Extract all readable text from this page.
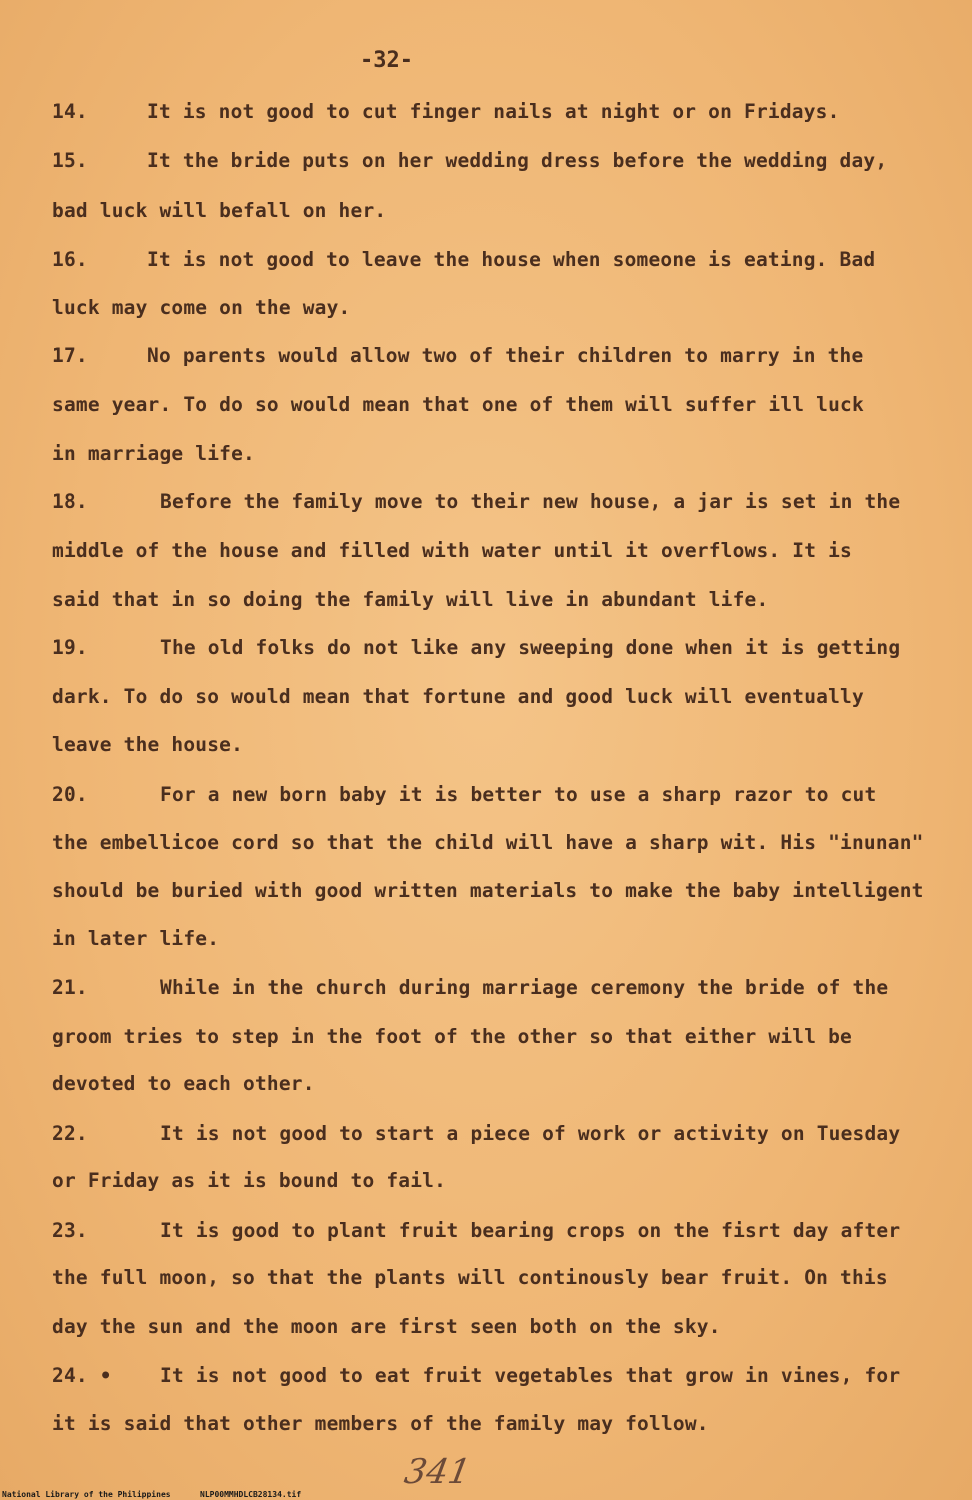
-32-
14.	It is not good to cut finger nails at night or on Fridays.
15.	It the bride puts on her wedding dress before the wedding day,
bad luck will befall on her.
16.	It is not good to leave the house when someone is eating. Bad
luck may come on the way.
17.	No parents would allow two of their children to marry in the
same year. To do so would mean that one of them will suffer ill luck
in marriage life.
18.	Before the family move to their new house, a jar is set in the
middle of the house and filled with water until it overflows. It is
said that in so doing the family will live in abundant life.
19.	The old folks do not like any sweeping done when it is getting
dark. To do so would mean that fortune and good luck will eventually
leave the house.
20.	For a new born baby it is better to use a sharp razor to cut
the embellicoe cord so that the child will have a sharp wit. His "inunan"
should be buried with good written materials to make the baby intelligent
in later life.
21.	While in the church during marriage ceremony the bride of the
groom tries to step in the foot of the other so that either will be
devoted to each other.
22.	It is not good to start a piece of work or activity on Tuesday
or Friday as it is bound to fail.
23.	It is good to plant fruit bearing crops on the fisrt day after
the full moon, so that the plants will continously bear fruit. On this
day the sun and the moon are first seen both on the sky.
24. • It is not good to eat fruit vegetables that grow in vines, for
it is said that other members of the family may follow.
341
National Library of the Philippines	NLP00MMHDLCB28134.tif
